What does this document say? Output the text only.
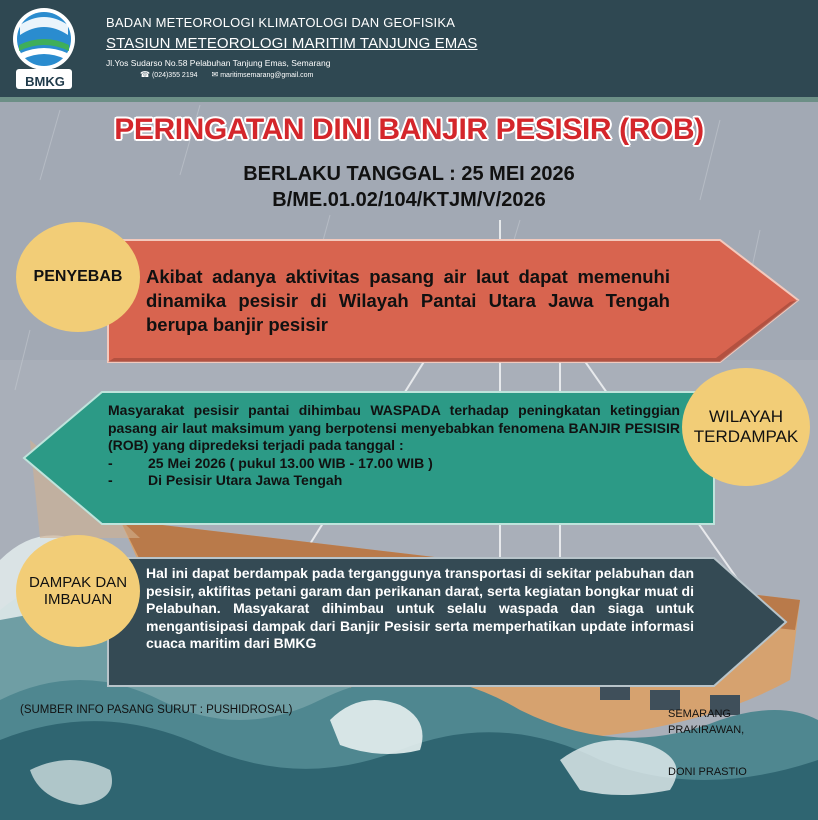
BMKG
BADAN METEOROLOGI KLIMATOLOGI DAN GEOFISIKA
STASIUN METEOROLOGI MARITIM TANJUNG EMAS
Jl.Yos Sudarso No.58 Pelabuhan Tanjung Emas, Semarang
☎ (024)355 2194 ✉ maritimsemarang@gmail.com
PERINGATAN DINI BANJIR PESISIR (ROB)
BERLAKU TANGGAL : 25 MEI 2026
B/ME.01.02/104/KTJM/V/2026
PENYEBAB Akibat adanya aktivitas pasang air laut dapat memenuhi dinamika pesisir di Wilayah Pantai Utara Jawa Tengah berupa banjir pesisir
WILAYAH
TERDAMPAK
Masyarakat pesisir pantai dihimbau WASPADA terhadap peningkatan ketinggian pasang air laut maksimum yang berpotensi menyebabkan fenomena BANJIR PESISIR (ROB) yang dipredeksi terjadi pada tanggal :
-	25 Mei 2026 ( pukul 13.00 WIB - 17.00 WIB )
-	Di Pesisir Utara Jawa Tengah
DAMPAK DAN
IMBAUAN
Hal ini dapat berdampak pada terganggunya transportasi di sekitar pelabuhan dan pesisir, aktifitas petani garam dan perikanan darat, serta kegiatan bongkar muat di Pelabuhan. Masyakarat dihimbau untuk selalu waspada dan siaga untuk mengantisipasi dampak dari Banjir Pesisir serta memperhatikan update informasi cuaca maritim dari BMKG
(SUMBER INFO PASANG SURUT : PUSHIDROSAL)	SEMARANG
PRAKIRAWAN,
DONI PRASTIO
